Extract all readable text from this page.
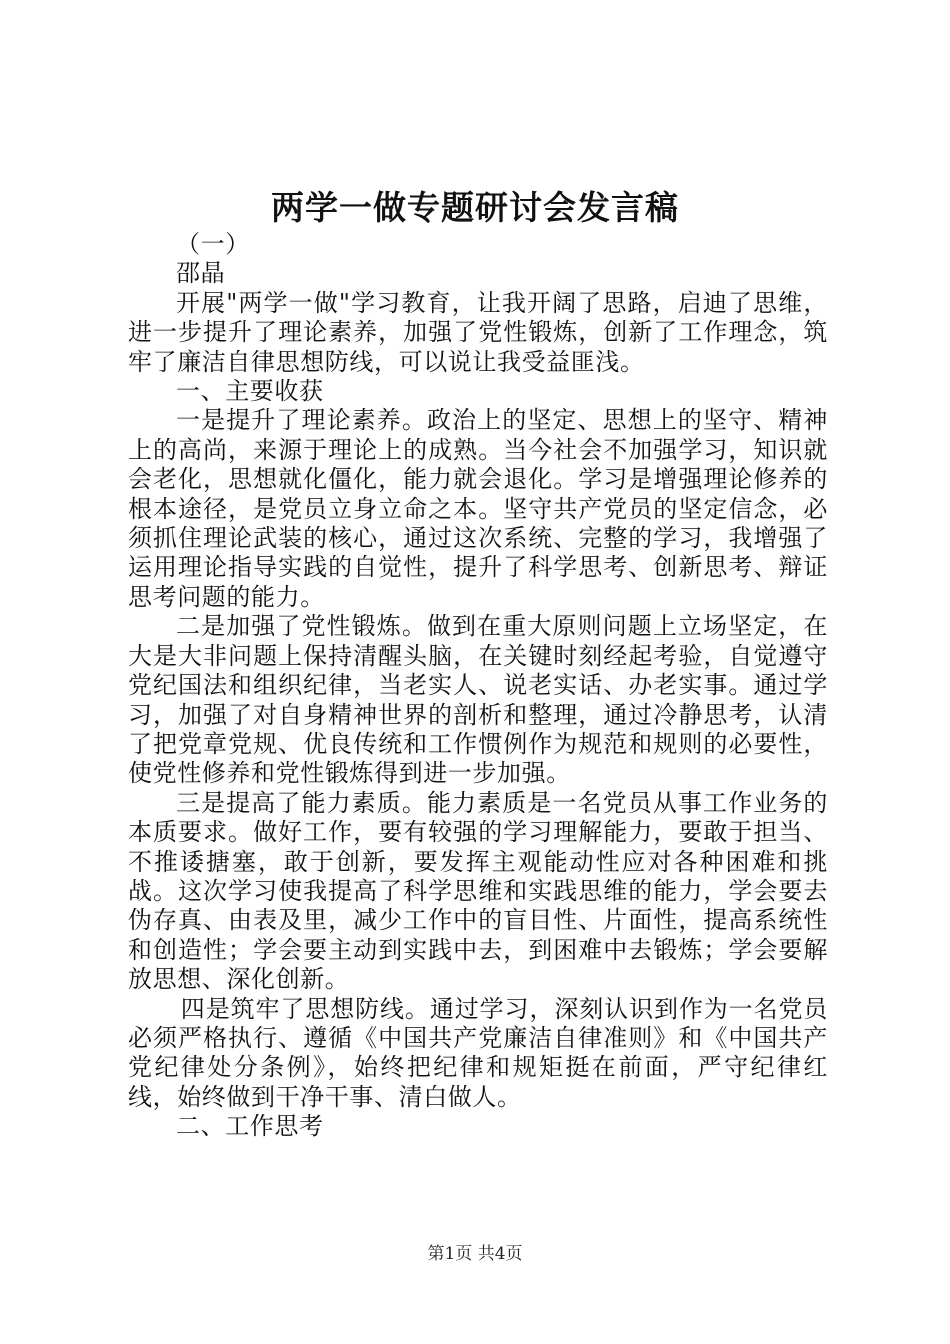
两学一做专题研讨会发言稿

（一）

邵晶

开展"两学一做"学习教育，让我开阔了思路，启迪了思维，进一步提升了理论素养，加强了党性锻炼，创新了工作理念，筑牢了廉洁自律思想防线，可以说让我受益匪浅。

一、主要收获

一是提升了理论素养。政治上的坚定、思想上的坚守、精神上的高尚，来源于理论上的成熟。当今社会不加强学习，知识就会老化，思想就化僵化，能力就会退化。学习是增强理论修养的根本途径，是党员立身立命之本。坚守共产党员的坚定信念，必须抓住理论武装的核心，通过这次系统、完整的学习，我增强了运用理论指导实践的自觉性，提升了科学思考、创新思考、辩证思考问题的能力。

二是加强了党性锻炼。做到在重大原则问题上立场坚定，在大是大非问题上保持清醒头脑，在关键时刻经起考验，自觉遵守党纪国法和组织纪律，当老实人、说老实话、办老实事。通过学习，加强了对自身精神世界的剖析和整理，通过冷静思考，认清了把党章党规、优良传统和工作惯例作为规范和规则的必要性，使党性修养和党性锻炼得到进一步加强。

三是提高了能力素质。能力素质是一名党员从事工作业务的本质要求。做好工作，要有较强的学习理解能力，要敢于担当、不推诿搪塞，敢于创新，要发挥主观能动性应对各种困难和挑战。这次学习使我提高了科学思维和实践思维的能力，学会要去伪存真、由表及里，减少工作中的盲目性、片面性，提高系统性和创造性；学会要主动到实践中去，到困难中去锻炼；学会要解放思想、深化创新。

四是筑牢了思想防线。通过学习，深刻认识到作为一名党员必须严格执行、遵循《中国共产党廉洁自律准则》和《中国共产党纪律处分条例》，始终把纪律和规矩挺在前面，严守纪律红线，始终做到干净干事、清白做人。

二、工作思考

第1页 共4页
